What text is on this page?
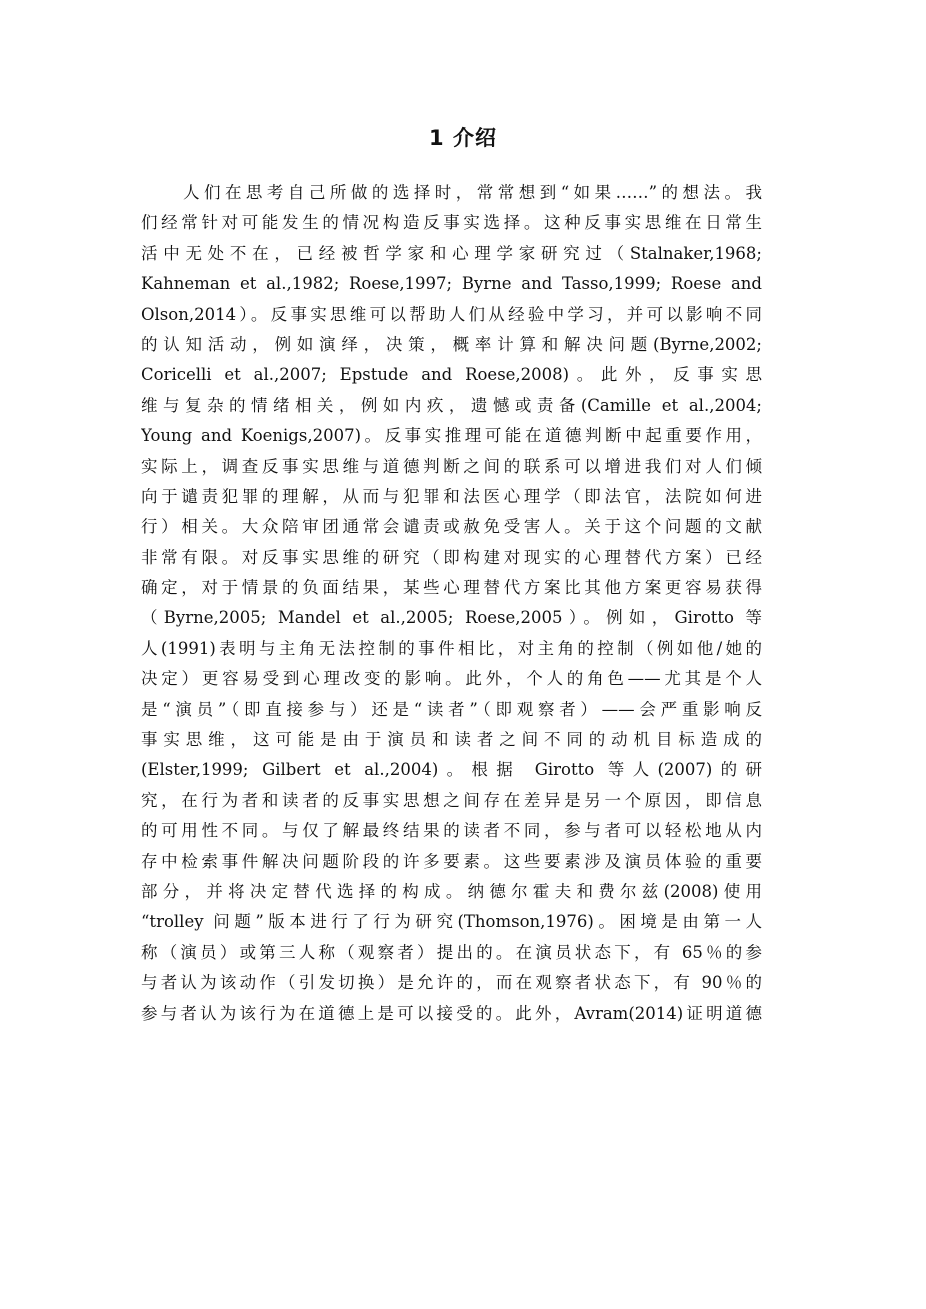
1 介绍
　　人们在思考自己所做的选择时，常常想到“如果……”的想法。我
们经常针对可能发生的情况构造反事实选择。这种反事实思维在日常生
活中无处不在，已经被哲学家和心理学家研究过（Stalnaker,1968;
Kahneman et al.,1982; Roese,1997; Byrne and Tasso,1999; Roese and
Olson,2014）。反事实思维可以帮助人们从经验中学习，并可以影响不同
的认知活动，例如演绎，决策，概率计算和解决问题(Byrne,2002;
Coricelli et al.,2007; Epstude and Roese,2008)。此外，反事实思
维与复杂的情绪相关，例如内疚，遗憾或责备(Camille et al.,2004;
Young and Koenigs,2007)。反事实推理可能在道德判断中起重要作用，
实际上，调查反事实思维与道德判断之间的联系可以增进我们对人们倾
向于谴责犯罪的理解，从而与犯罪和法医心理学（即法官，法院如何进
行）相关。大众陪审团通常会谴责或赦免受害人。关于这个问题的文献
非常有限。对反事实思维的研究（即构建对现实的心理替代方案）已经
确定，对于情景的负面结果，某些心理替代方案比其他方案更容易获得
（Byrne,2005; Mandel et al.,2005; Roese,2005）。例如，Girotto 等
人(1991)表明与主角无法控制的事件相比，对主角的控制（例如他/她的
决定）更容易受到心理改变的影响。此外，个人的角色——尤其是个人
是“演员”（即直接参与）还是“读者”（即观察者）——会严重影响反
事实思维，这可能是由于演员和读者之间不同的动机目标造成的
(Elster,1999; Gilbert et al.,2004)。根据 Girotto 等人(2007)的研
究，在行为者和读者的反事实思想之间存在差异是另一个原因，即信息
的可用性不同。与仅了解最终结果的读者不同，参与者可以轻松地从内
存中检索事件解决问题阶段的许多要素。这些要素涉及演员体验的重要
部分，并将决定替代选择的构成。纳德尔霍夫和费尔兹(2008)使用
“trolley 问题”版本进行了行为研究(Thomson,1976)。困境是由第一人
称（演员）或第三人称（观察者）提出的。在演员状态下，有 65％的参
与者认为该动作（引发切换）是允许的，而在观察者状态下，有 90％的
参与者认为该行为在道德上是可以接受的。此外，Avram(2014)证明道德
